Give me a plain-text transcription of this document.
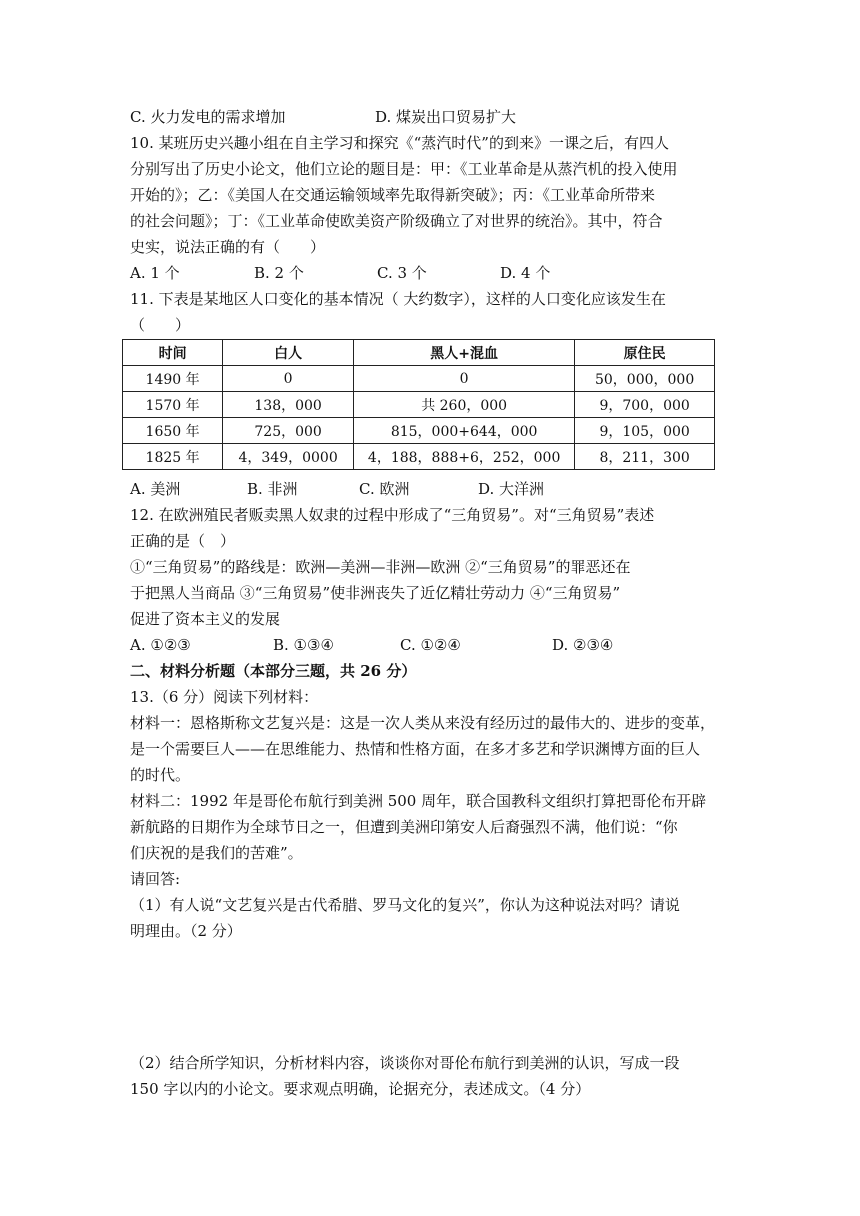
C. 火力发电的需求增加	D. 煤炭出口贸易扩大
10. 某班历史兴趣小组在自主学习和探究《“蒸汽时代”的到来》一课之后，有四人
分别写出了历史小论文，他们立论的题目是：甲：《工业革命是从蒸汽机的投入使用
开始的》；乙：《美国人在交通运输领域率先取得新突破》；丙：《工业革命所带来
的社会问题》；丁：《工业革命使欧美资产阶级确立了对世界的统治》。其中，符合
史实，说法正确的有（　　）
A. 1 个	B. 2 个	C. 3 个	D. 4 个
11. 下表是某地区人口变化的基本情况（ 大约数字），这样的人口变化应该发生在
（　　）
时间	白人	黑人+混血	原住民
1490 年	0	0	50，000，000
1570 年	138，000	共 260，000	9，700，000
1650 年	725，000	815，000+644，000	9，105，000
1825 年	4，349，0000	4，188，888+6，252，000	8，211，300
A. 美洲	B. 非洲	C. 欧洲	D. 大洋洲
12. 在欧洲殖民者贩卖黑人奴隶的过程中形成了“三角贸易”。对“三角贸易”表述
正确的是（　）
①“三角贸易”的路线是：欧洲—美洲—非洲—欧洲 ②“三角贸易”的罪恶还在
于把黑人当商品 ③“三角贸易”使非洲丧失了近亿精壮劳动力 ④“三角贸易”
促进了资本主义的发展
A. ①②③	B. ①③④	C. ①②④	D. ②③④
二、材料分析题（本部分三题，共 26 分）
13.（6 分）阅读下列材料：
材料一：恩格斯称文艺复兴是：这是一次人类从来没有经历过的最伟大的、进步的变革，
是一个需要巨人——在思维能力、热情和性格方面，在多才多艺和学识渊博方面的巨人
的时代。
材料二：1992 年是哥伦布航行到美洲 500 周年，联合国教科文组织打算把哥伦布开辟
新航路的日期作为全球节日之一，但遭到美洲印第安人后裔强烈不满，他们说：“你
们庆祝的是我们的苦难”。
请回答:
（1）有人说“文艺复兴是古代希腊、罗马文化的复兴”，你认为这种说法对吗？请说
明理由。（2 分）
（2）结合所学知识，分析材料内容，谈谈你对哥伦布航行到美洲的认识，写成一段
150 字以内的小论文。要求观点明确，论据充分，表述成文。（4 分）
